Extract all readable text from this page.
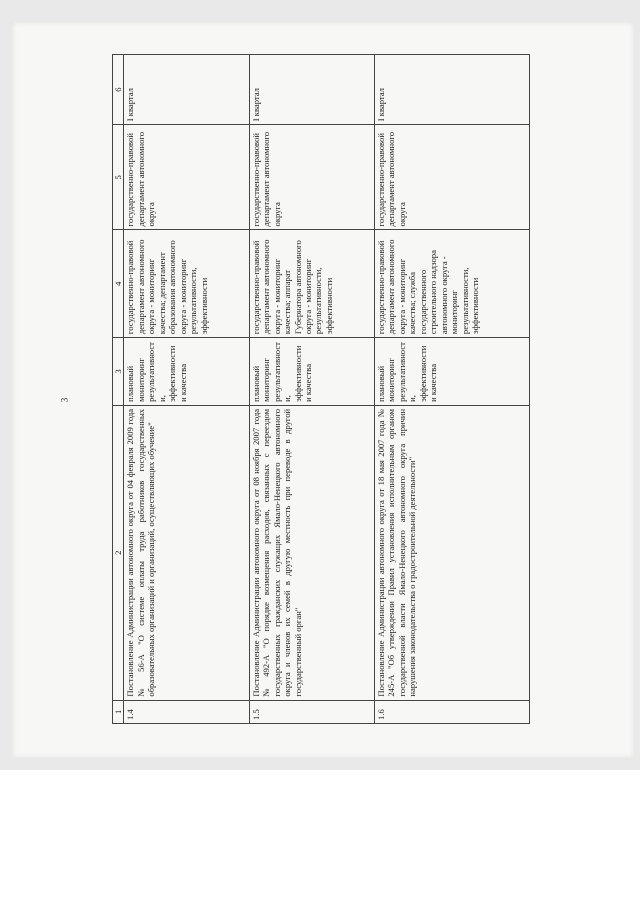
3
1	2	3	4	5	6
1.4	Постановление Администрации автономного округа от 04 февраля 2009 года № 56-А "О системе оплаты труда работников государственных образовательных организаций и организаций, осуществляющих обучение"	плановый мониторинг результативности, эффективности и качества	государственно-правовой департамент автономного округа - мониторинг качества; департамент образования автономного округа - мониторинг результативности, эффективности	государственно-правовой департамент автономного округа	I квартал
1.5	Постановление Администрации автономного округа от 08 ноября 2007 года № 492-А "О порядке возмещения расходов, связанных с переездом государственных гражданских служащих Ямало-Ненецкого автономного округа и членов их семей в другую местность при переводе в другой государственный орган"	плановый мониторинг результативности, эффективности и качества	государственно-правовой департамент автономного округа - мониторинг качества; аппарат Губернатора автономного округа - мониторинг результативности, эффективности	государственно-правовой департамент автономного округа	I квартал
1.6	Постановление Администрации автономного округа от 18 мая 2007 года № 245-А "Об утверждении Правил установления исполнительным органом государственной власти Ямало-Ненецкого автономного округа причин нарушения законодательства о градостроительной деятельности"	плановый мониторинг результативности, эффективности и качества	государственно-правовой департамент автономного округа - мониторинг качества; служба государственного строительного надзора автономного округа - мониторинг результативности, эффективности	государственно-правовой департамент автономного округа	I квартал
